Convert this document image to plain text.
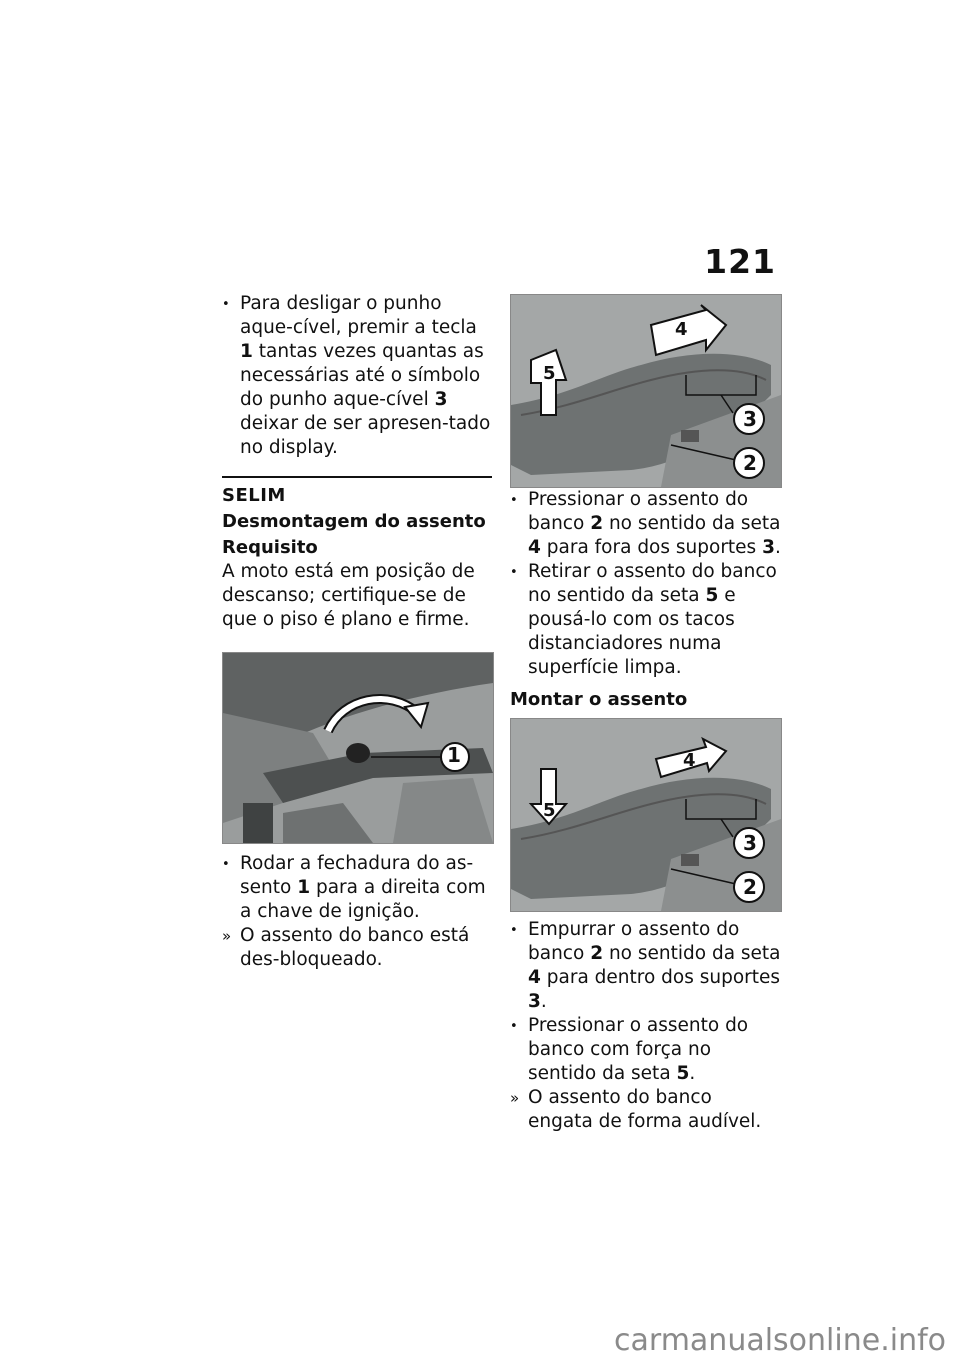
121

• Para desligar o punho aque-cível, premir a tecla 1 tantas vezes quantas as necessárias até o símbolo do punho aque-cível 3 deixar de ser apresen-tado no display.

SELIM
Desmontagem do assento
Requisito

A moto está em posição de descanso; certifique-se de que o piso é plano e firme.

1

• Rodar a fechadura do as-sento 1 para a direita com a chave de ignição.

» O assento do banco está des-bloqueado.

5
4
3
2

• Pressionar o assento do banco 2 no sentido da seta 4 para fora dos suportes 3.

• Retirar o assento do banco no sentido da seta 5 e pousá-lo com os tacos distanciadores numa superfície limpa.

Montar o assento
5
4
3
2

• Empurrar o assento do banco 2 no sentido da seta 4 para dentro dos suportes 3.

• Pressionar o assento do banco com força no sentido da seta 5.

» O assento do banco engata de forma audível.

carmanualsonline.info
